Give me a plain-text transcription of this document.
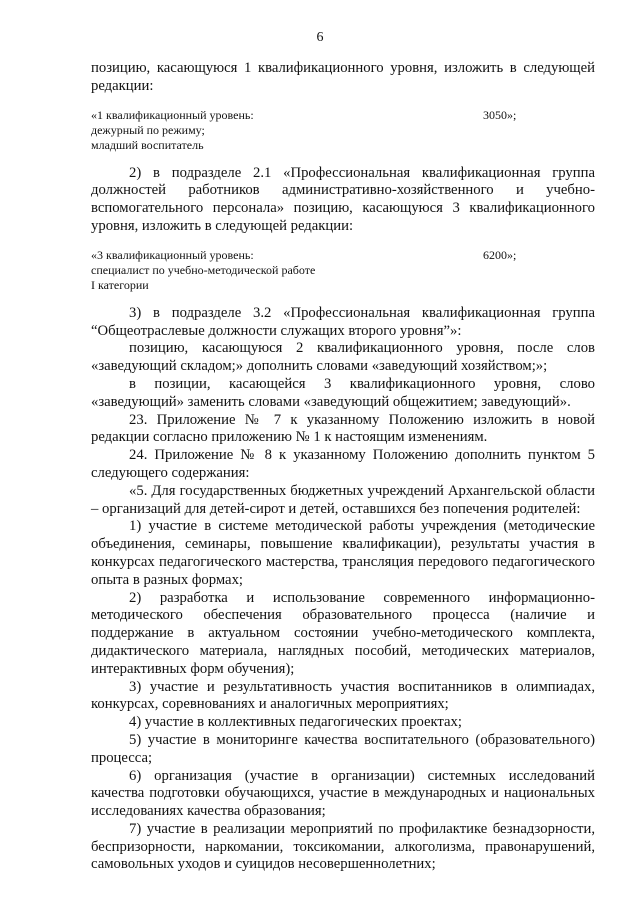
6

позицию, касающуюся 1 квалификационного уровня, изложить в следующей редакции:

«1 квалификационный уровень:	3050»;
дежурный по режиму;
младший воспитатель

2) в подразделе 2.1 «Профессиональная квалификационная группа должностей работников административно-хозяйственного и учебно-вспомогательного персонала» позицию, касающуюся 3 квалификационного уровня, изложить в следующей редакции:

«3 квалификационный уровень:	6200»;
специалист по учебно-методической работе
I категории

3) в подразделе 3.2 «Профессиональная квалификационная группа “Общеотраслевые должности служащих второго уровня”»:

позицию, касающуюся 2 квалификационного уровня, после слов «заведующий складом;» дополнить словами «заведующий хозяйством;»;

в позиции, касающейся 3 квалификационного уровня, слово «заведующий» заменить словами «заведующий общежитием; заведующий».

23. Приложение № 7 к указанному Положению изложить в новой редакции согласно приложению № 1 к настоящим изменениям.

24. Приложение № 8 к указанному Положению дополнить пунктом 5 следующего содержания:

«5. Для государственных бюджетных учреждений Архангельской области – организаций для детей-сирот и детей, оставшихся без попечения родителей:

1) участие в системе методической работы учреждения (методические объединения, семинары, повышение квалификации), результаты участия в конкурсах педагогического мастерства, трансляция передового педагогического опыта в разных формах;

2) разработка и использование современного информационно-методического обеспечения образовательного процесса (наличие и поддержание в актуальном состоянии учебно-методического комплекта, дидактического материала, наглядных пособий, методических материалов, интерактивных форм обучения);

3) участие и результативность участия воспитанников в олимпиадах, конкурсах, соревнованиях и аналогичных мероприятиях;

4) участие в коллективных педагогических проектах;

5) участие в мониторинге качества воспитательного (образовательного) процесса;

6) организация (участие в организации) системных исследований качества подготовки обучающихся, участие в международных и национальных исследованиях качества образования;

7) участие в реализации мероприятий по профилактике безнадзорности, беспризорности, наркомании, токсикомании, алкоголизма, правонарушений, самовольных уходов и суицидов несовершеннолетних;
